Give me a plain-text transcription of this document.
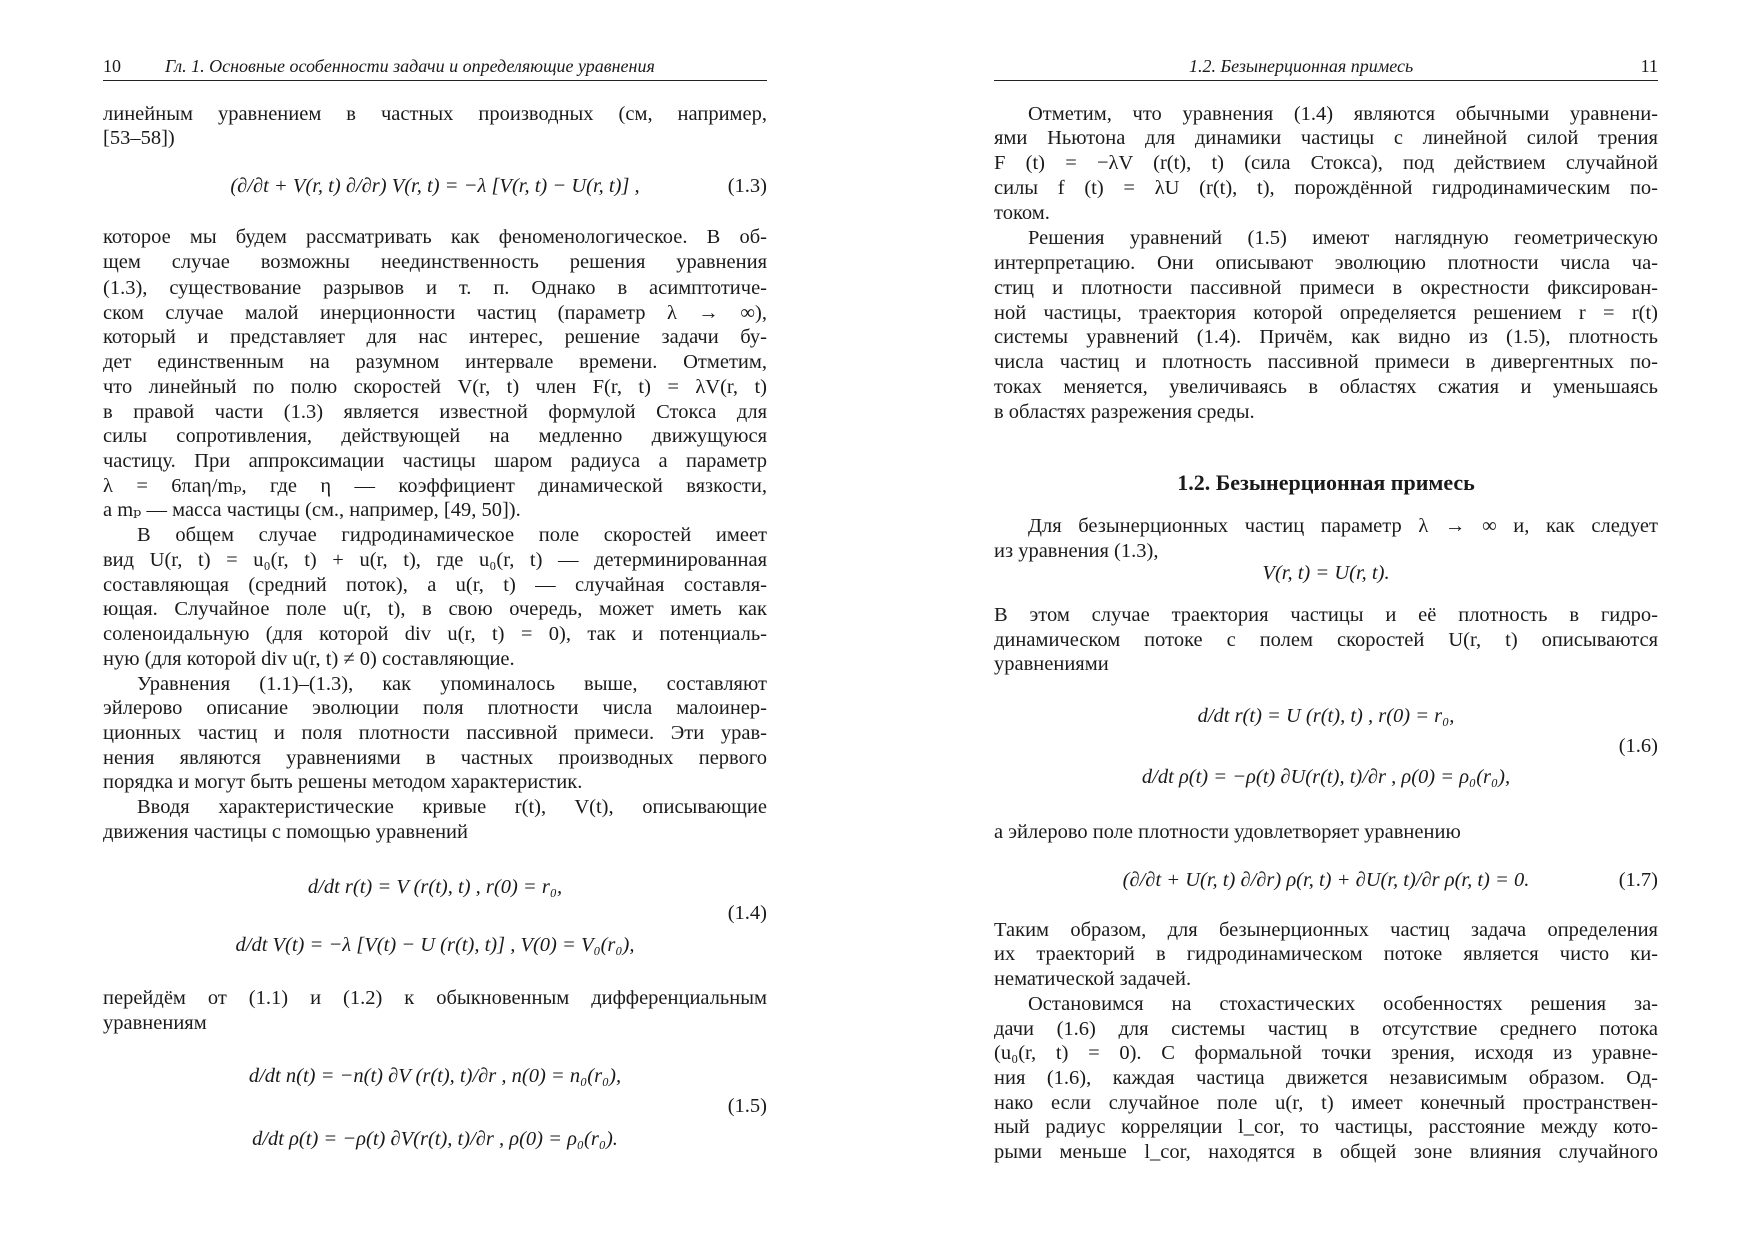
10 Гл. 1. Основные особенности задачи и определяющие уравнения
линейным уравнением в частных производных (см, например,
[53–58])
(∂/∂t + V(r, t) ∂/∂r) V(r, t) = −λ [V(r, t) − U(r, t)] ,	(1.3)
которое мы будем рассматривать как феноменологическое. В об-
щем случае возможны неединственность решения уравнения
(1.3), существование разрывов и т. п. Однако в асимптотиче-
ском случае малой инерционности частиц (параметр λ → ∞),
который и представляет для нас интерес, решение задачи бу-
дет единственным на разумном интервале времени. Отметим,
что линейный по полю скоростей V(r, t) член F(r, t) = λV(r, t)
в правой части (1.3) является известной формулой Стокса для
силы сопротивления, действующей на медленно движущуюся
частицу. При аппроксимации частицы шаром радиуса a параметр
λ = 6πaη/mₚ, где η — коэффициент динамической вязкости,
а mₚ — масса частицы (см., например, [49, 50]).
В общем случае гидродинамическое поле скоростей имеет
вид U(r, t) = u₀(r, t) + u(r, t), где u₀(r, t) — детерминированная
составляющая (средний поток), а u(r, t) — случайная составля-
ющая. Случайное поле u(r, t), в свою очередь, может иметь как
соленоидальную (для которой div u(r, t) = 0), так и потенциаль-
ную (для которой div u(r, t) ≠ 0) составляющие.
Уравнения (1.1)–(1.3), как упоминалось выше, составляют
эйлерово описание эволюции поля плотности числа малоинер-
ционных частиц и поля плотности пассивной примеси. Эти урав-
нения являются уравнениями в частных производных первого
порядка и могут быть решены методом характеристик.
Вводя характеристические кривые r(t), V(t), описывающие
движения частицы с помощью уравнений
d/dt r(t) = V (r(t), t) , r(0) = r₀,
d/dt V(t) = −λ [V(t) − U (r(t), t)] , V(0) = V₀(r₀),
(1.4)
перейдём от (1.1) и (1.2) к обыкновенным дифференциальным
уравнениям
d/dt n(t) = −n(t) ∂V (r(t), t)/∂r , n(0) = n₀(r₀),
d/dt ρ(t) = −ρ(t) ∂V(r(t), t)/∂r , ρ(0) = ρ₀(r₀).
(1.5)
1.2. Безынерционная примесь	11
Отметим, что уравнения (1.4) являются обычными уравнени-
ями Ньютона для динамики частицы с линейной силой трения
F (t) = −λV (r(t), t) (сила Стокса), под действием случайной
силы f (t) = λU (r(t), t), порождённой гидродинамическим по-
током.
Решения уравнений (1.5) имеют наглядную геометрическую
интерпретацию. Они описывают эволюцию плотности числа ча-
стиц и плотности пассивной примеси в окрестности фиксирован-
ной частицы, траектория которой определяется решением r = r(t)
системы уравнений (1.4). Причём, как видно из (1.5), плотность
числа частиц и плотность пассивной примеси в дивергентных по-
токах меняется, увеличиваясь в областях сжатия и уменьшаясь
в областях разрежения среды.
1.2. Безынерционная примесь
Для безынерционных частиц параметр λ → ∞ и, как следует
из уравнения (1.3),
V(r, t) = U(r, t).
В этом случае траектория частицы и её плотность в гидро-
динамическом потоке с полем скоростей U(r, t) описываются
уравнениями
d/dt r(t) = U (r(t), t) , r(0) = r₀,
d/dt ρ(t) = −ρ(t) ∂U(r(t), t)/∂r , ρ(0) = ρ₀(r₀),
(1.6)
а эйлерово поле плотности удовлетворяет уравнению
(∂/∂t + U(r, t) ∂/∂r) ρ(r, t) + ∂U(r, t)/∂r ρ(r, t) = 0.	(1.7)
Таким образом, для безынерционных частиц задача определения
их траекторий в гидродинамическом потоке является чисто ки-
нематической задачей.
Остановимся на стохастических особенностях решения за-
дачи (1.6) для системы частиц в отсутствие среднего потока
(u₀(r, t) = 0). С формальной точки зрения, исходя из уравне-
ния (1.6), каждая частица движется независимым образом. Од-
нако если случайное поле u(r, t) имеет конечный пространствен-
ный радиус корреляции l_cor, то частицы, расстояние между кото-
рыми меньше l_cor, находятся в общей зоне влияния случайного
